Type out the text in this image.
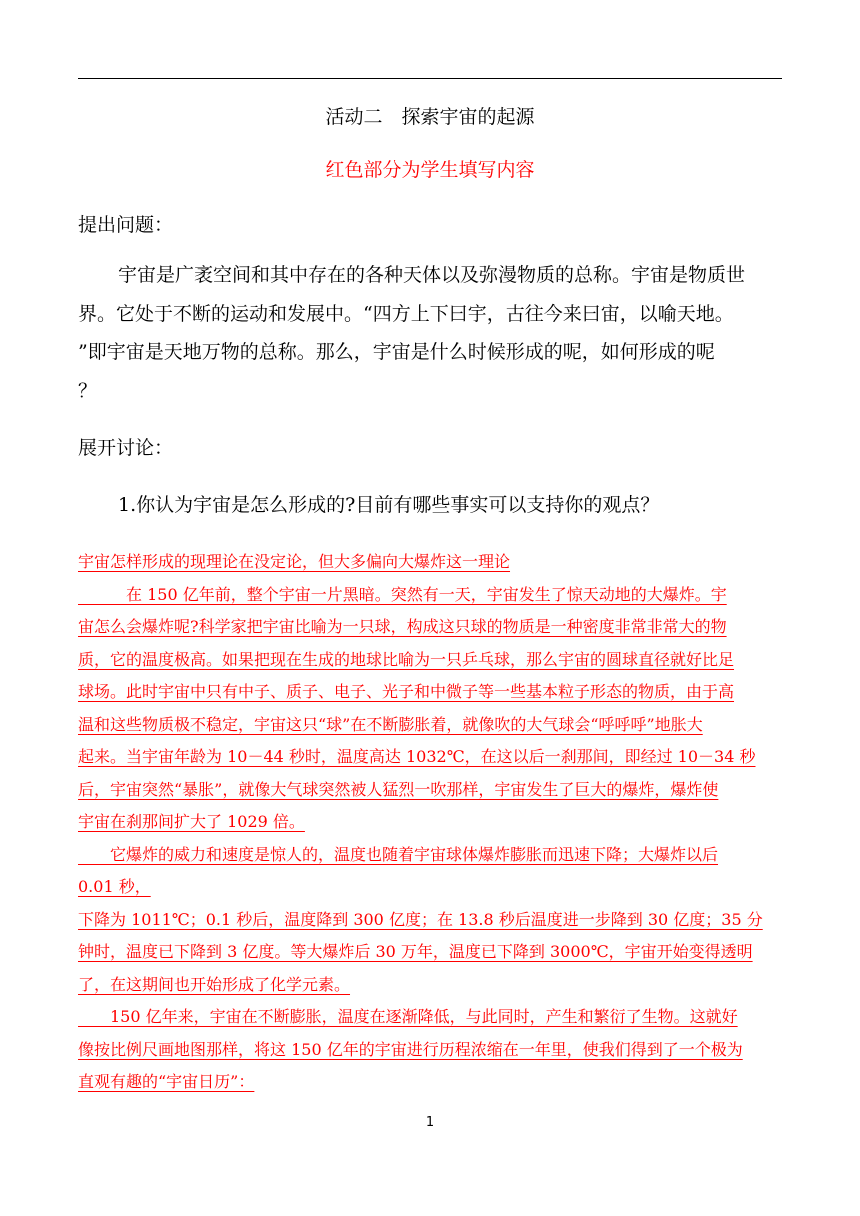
活动二　探索宇宙的起源
红色部分为学生填写内容
提出问题：
宇宙是广袤空间和其中存在的各种天体以及弥漫物质的总称。宇宙是物质世
界。它处于不断的运动和发展中。“四方上下曰宇，古往今来曰宙，以喻天地。
”即宇宙是天地万物的总称。那么，宇宙是什么时候形成的呢，如何形成的呢
？
展开讨论：
1.你认为宇宙是怎么形成的?目前有哪些事实可以支持你的观点？
宇宙怎样形成的现理论在没定论，但大多偏向大爆炸这一理论
　　　在 150 亿年前，整个宇宙一片黑暗。突然有一天，宇宙发生了惊天动地的大爆炸。宇
宙怎么会爆炸呢?科学家把宇宙比喻为一只球，构成这只球的物质是一种密度非常非常大的物
质，它的温度极高。如果把现在生成的地球比喻为一只乒乓球，那么宇宙的圆球直径就好比足
球场。此时宇宙中只有中子、质子、电子、光子和中微子等一些基本粒子形态的物质，由于高
温和这些物质极不稳定，宇宙这只“球”在不断膨胀着，就像吹的大气球会“呼呼呼”地胀大
起来。当宇宙年龄为 10－44 秒时，温度高达 1032℃，在这以后一刹那间，即经过 10－34 秒
后，宇宙突然“暴胀”，就像大气球突然被人猛烈一吹那样，宇宙发生了巨大的爆炸，爆炸使
宇宙在刹那间扩大了 1029 倍。
　　它爆炸的威力和速度是惊人的，温度也随着宇宙球体爆炸膨胀而迅速下降；大爆炸以后
0.01 秒，
下降为 1011℃；0.1 秒后，温度降到 300 亿度；在 13.8 秒后温度进一步降到 30 亿度；35 分
钟时，温度已下降到 3 亿度。等大爆炸后 30 万年，温度已下降到 3000℃，宇宙开始变得透明
了，在这期间也开始形成了化学元素。
　　150 亿年来，宇宙在不断膨胀，温度在逐渐降低，与此同时，产生和繁衍了生物。这就好
像按比例尺画地图那样，将这 150 亿年的宇宙进行历程浓缩在一年里，使我们得到了一个极为
直观有趣的“宇宙日历”：
1
